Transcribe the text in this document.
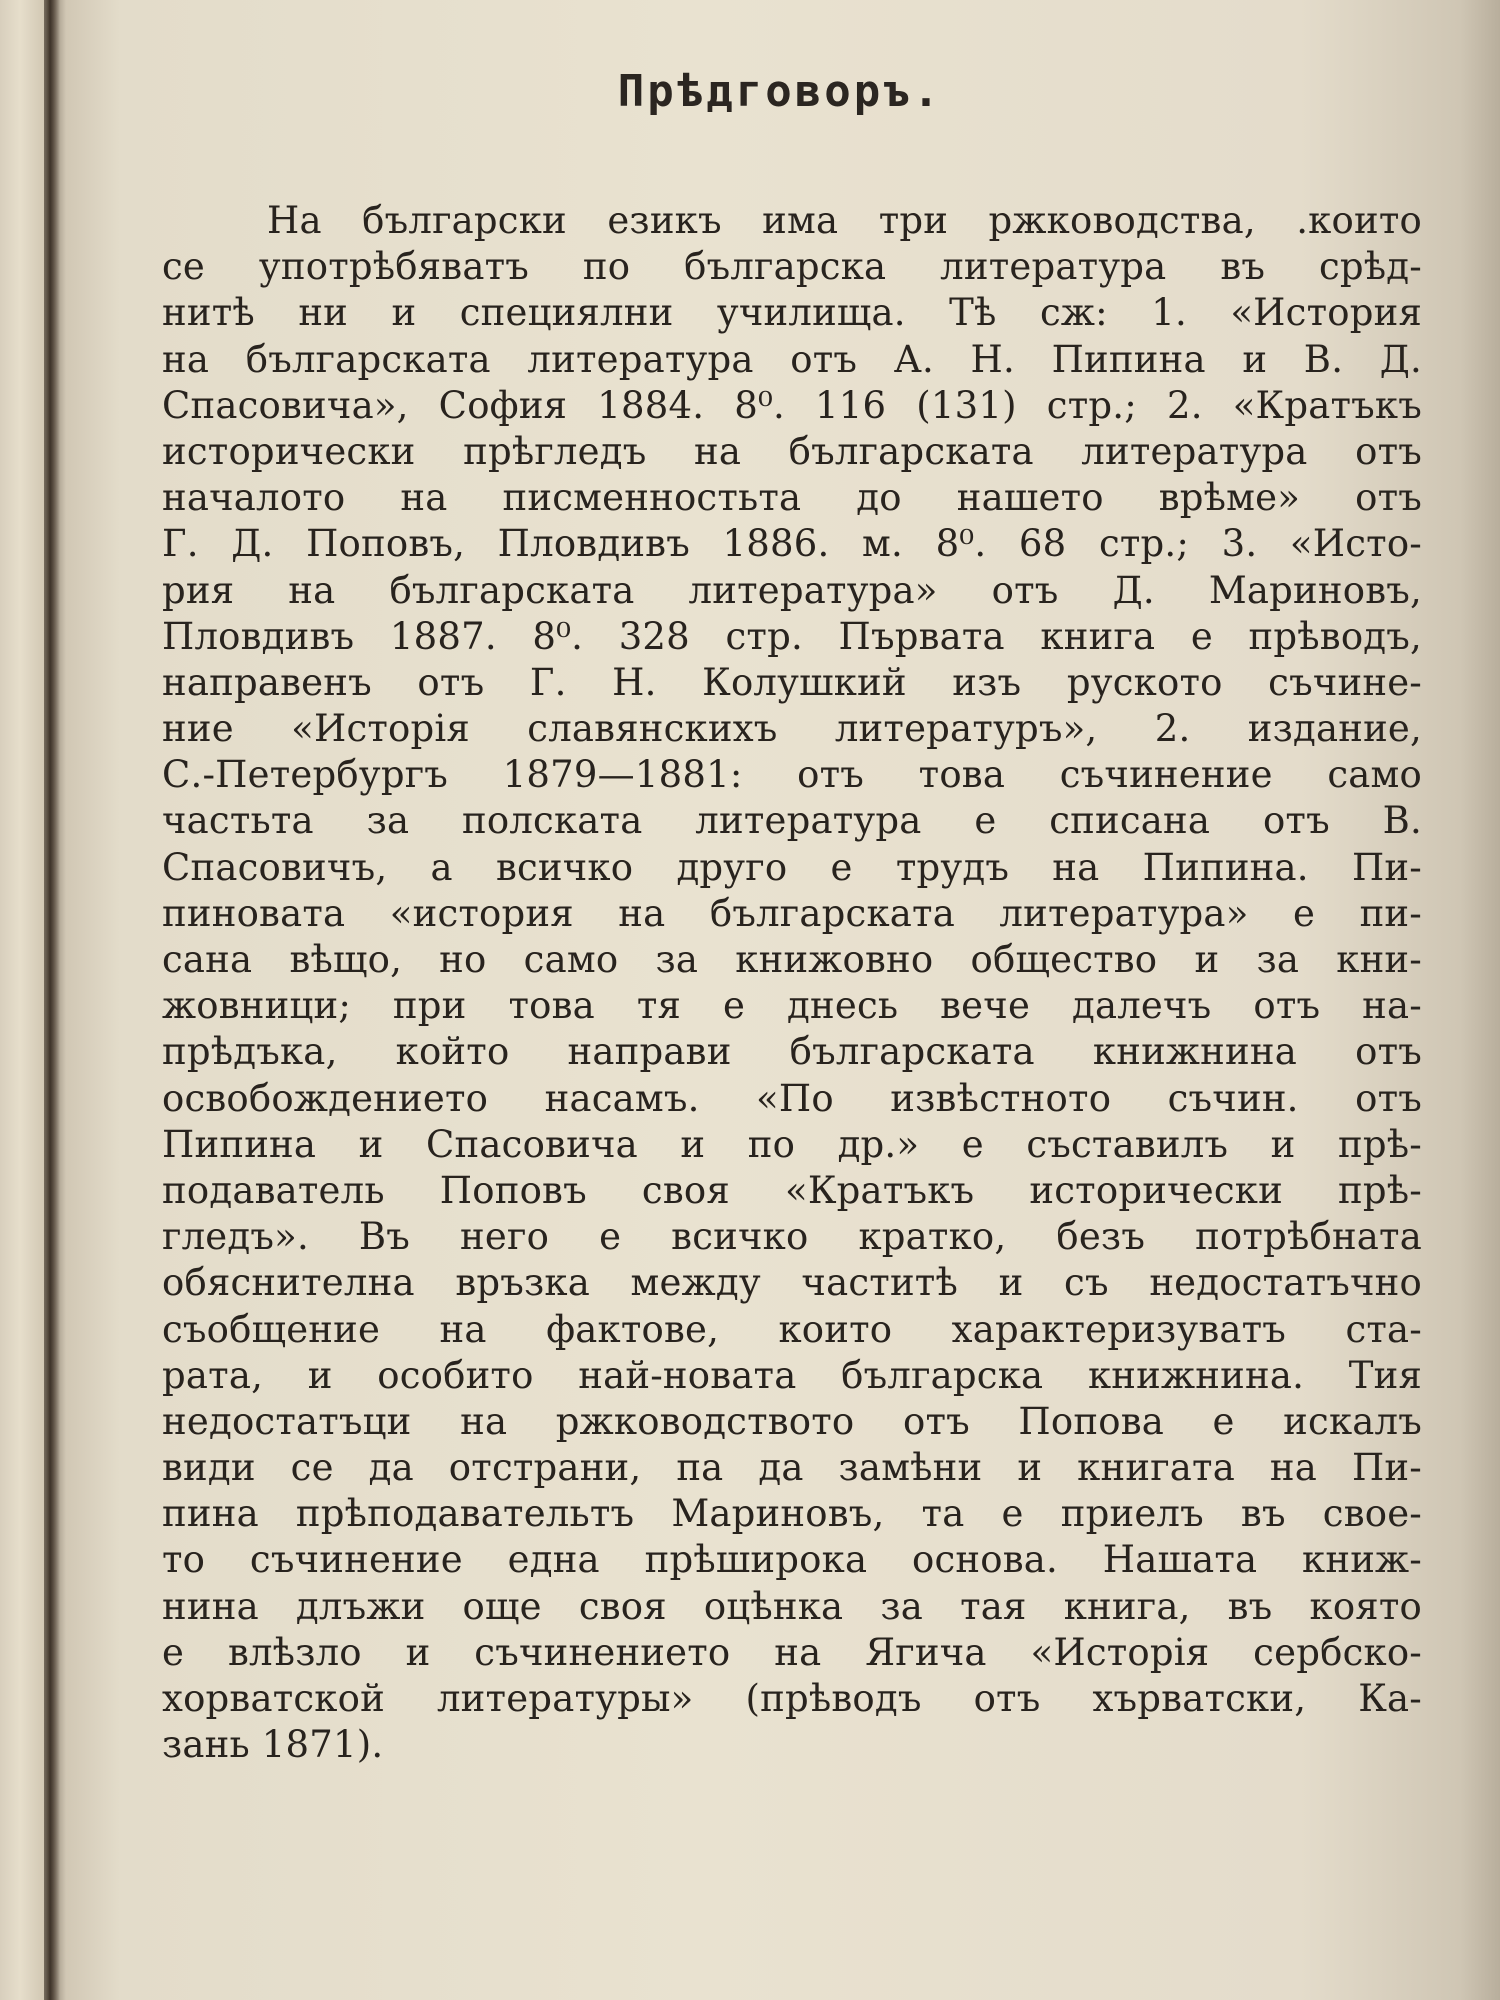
Прѣдговоръ.
На български езикъ има три ржководства, .които
се употрѣбяватъ по българска литература въ срѣд-
нитѣ ни и специялни училища. Тѣ сж: 1. «История
на българската литература отъ А. Н. Пипина и В. Д.
Спасовича», София 1884. 8⁰. 116 (131) стр.; 2. «Кратъкъ
исторически прѣгледъ на българската литература отъ
началото на писменностьта до нашето врѣме» отъ
Г. Д. Поповъ, Пловдивъ 1886. м. 8⁰. 68 стр.; 3. «Исто-
рия на българската литература» отъ Д. Мариновъ,
Пловдивъ 1887. 8⁰. 328 стр. Първата книга е прѣводъ,
направенъ отъ Г. Н. Колушкий изъ руското съчине-
ние «Исторія славянскихъ литературъ», 2. издание,
С.-Петербургъ 1879—1881: отъ това съчинение само
частьта за полската литература е списана отъ В.
Спасовичъ, а всичко друго е трудъ на Пипина. Пи-
пиновата «история на българската литература» е пи-
сана вѣщо, но само за книжовно общество и за кни-
жовници; при това тя е днесь вече далечъ отъ на-
прѣдъка, който направи българската книжнина отъ
освобождението насамъ. «По извѣстното съчин. отъ
Пипина и Спасовича и по др.» е съставилъ и прѣ-
подаватель Поповъ своя «Кратъкъ исторически прѣ-
гледъ». Въ него е всичко кратко, безъ потрѣбната
обяснителна връзка между частитѣ и съ недостатъчно
съобщение на фактове, които характеризуватъ ста-
рата, и особито най-новата българска книжнина. Тия
недостатъци на ржководството отъ Попова е искалъ
види се да отстрани, па да замѣни и книгата на Пи-
пина прѣподавательтъ Мариновъ, та е приелъ въ свое-
то съчинение една прѣширока основа. Нашата книж-
нина длъжи още своя оцѣнка за тая книга, въ която
е влѣзло и съчинението на Ягича «Исторія сербско-
хорватской литературы» (прѣводъ отъ хърватски, Ка-
зань 1871).
